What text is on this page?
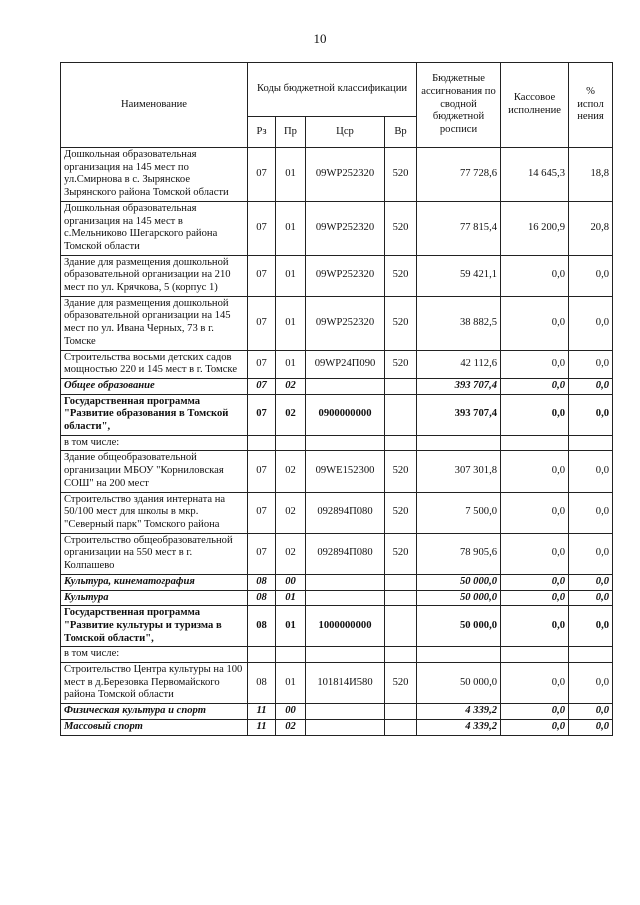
10
Наименование	Коды бюджетной классификации				Бюджетные ассигнования по сводной бюджетной росписи	Кассовое исполнение	% испол нения
	Рз	Пр	Цср	Вр			
Дошкольная образовательная организация на 145 мест по ул.Смирнова в с. Зырянское Зырянского района Томской области	07	01	09WP252320	520	77 728,6	14 645,3	18,8
Дошкольная образовательная организация на 145 мест в с.Мельниково Шегарского района Томской области	07	01	09WP252320	520	77 815,4	16 200,9	20,8
Здание для размещения дошкольной образовательной организации на 210 мест по ул. Крячкова, 5 (корпус 1)	07	01	09WP252320	520	59 421,1	0,0	0,0
Здание для размещения дошкольной образовательной организации на 145 мест по ул. Ивана Черных, 73 в г. Томске	07	01	09WP252320	520	38 882,5	0,0	0,0
Строительства восьми детских садов мощностью 220 и 145 мест в г. Томске	07	01	09WP24П090	520	42 112,6	0,0	0,0
Общее образование	07	02			393 707,4	0,0	0,0
Государственная программа "Развитие образования в Томской области",	07	02	0900000000		393 707,4	0,0	0,0
в том числе:							
Здание общеобразовательной организации МБОУ "Корниловская СОШ" на 200 мест	07	02	09WE152300	520	307 301,8	0,0	0,0
Строительство здания интерната на 50/100 мест для школы в мкр. "Северный парк" Томского района	07	02	092894П080	520	7 500,0	0,0	0,0
Строительство общеобразовательной организации на 550 мест в г. Колпашево	07	02	092894П080	520	78 905,6	0,0	0,0
Культура, кинематография	08	00			50 000,0	0,0	0,0
Культура	08	01			50 000,0	0,0	0,0
Государственная программа "Развитие культуры и туризма в Томской области",	08	01	1000000000		50 000,0	0,0	0,0
в том числе:							
Строительство Центра культуры на 100 мест в д.Березовка Первомайского района Томской области	08	01	101814И580	520	50 000,0	0,0	0,0
Физическая культура и спорт	11	00			4 339,2	0,0	0,0
Массовый спорт	11	02			4 339,2	0,0	0,0
